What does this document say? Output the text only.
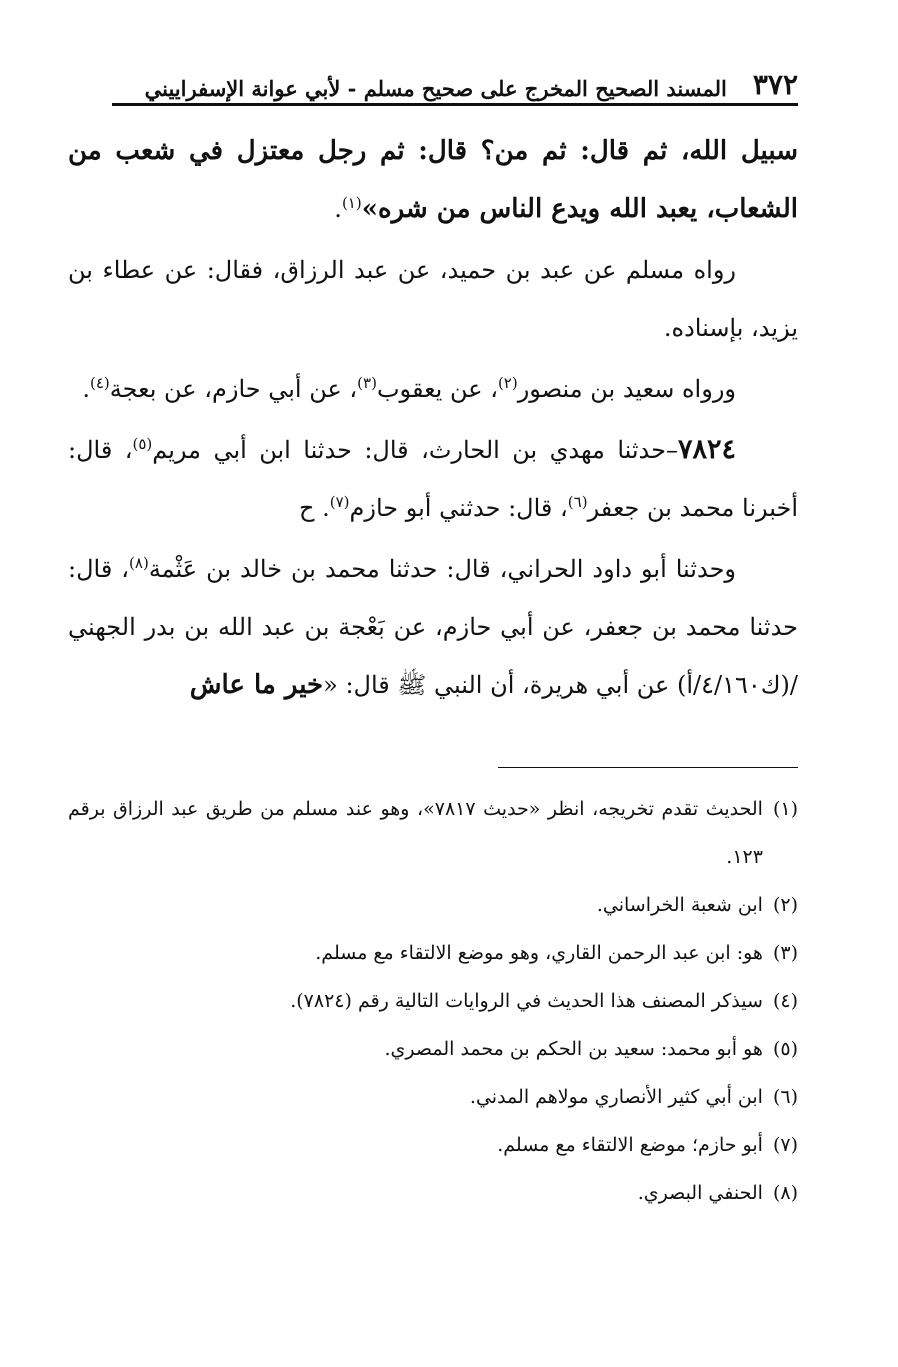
٣٧٢
المسند الصحيح المخرج على صحيح مسلم - لأبي عوانة الإسفراييني

سبيل الله، ثم قال: ثم من؟ قال: ثم رجل معتزل في شعب من الشعاب، يعبد الله ويدع الناس من شره»$^{(١)}$.

رواه مسلم عن عبد بن حميد، عن عبد الرزاق، فقال: عن عطاء بن يزيد، بإسناده.

ورواه سعيد بن منصور$^{(٢)}$، عن يعقوب$^{(٣)}$، عن أبي حازم، عن بعجة$^{(٤)}$.

٧٨٢٤–حدثنا مهدي بن الحارث، قال: حدثنا ابن أبي مريم$^{(٥)}$، قال: أخبرنا محمد بن جعفر$^{(٦)}$، قال: حدثني أبو حازم$^{(٧)}$. ح

وحدثنا أبو داود الحراني، قال: حدثنا محمد بن خالد بن عَثْمة$^{(٨)}$، قال: حدثنا محمد بن جعفر، عن أبي حازم، عن بَعْجة بن عبد الله بن بدر الجهني /(ك٤/١٦٠/أ) عن أبي هريرة، أن النبي ﷺ قال: «خير ما عاش

(١)
الحديث تقدم تخريجه، انظر «حديث ٧٨١٧»، وهو عند مسلم من طريق عبد الرزاق برقم ١٢٣.

(٢)
ابن شعبة الخراساني.

(٣)
هو: ابن عبد الرحمن القاري، وهو موضع الالتقاء مع مسلم.

(٤)
سيذكر المصنف هذا الحديث في الروايات التالية رقم (٧٨٢٤).

(٥)
هو أبو محمد: سعيد بن الحكم بن محمد المصري.

(٦)
ابن أبي كثير الأنصاري مولاهم المدني.

(٧)
أبو حازم؛ موضع الالتقاء مع مسلم.

(٨)
الحنفي البصري.
